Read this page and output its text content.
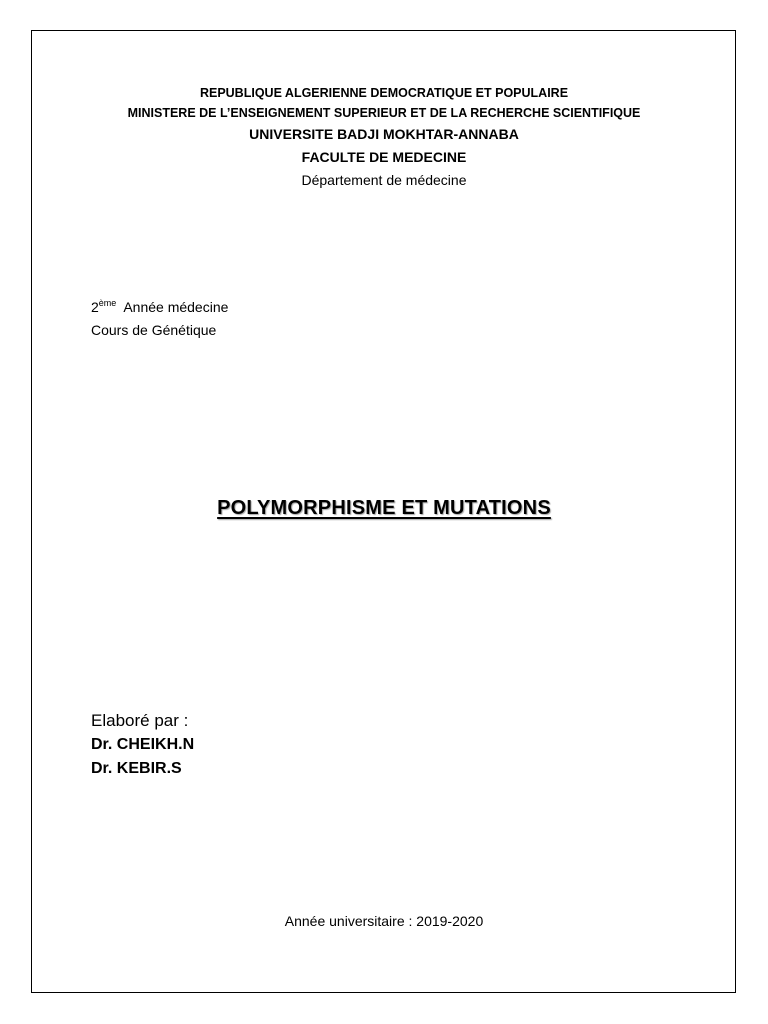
REPUBLIQUE ALGERIENNE DEMOCRATIQUE ET POPULAIRE
MINISTERE DE L’ENSEIGNEMENT SUPERIEUR ET DE LA RECHERCHE SCIENTIFIQUE
UNIVERSITE BADJI MOKHTAR-ANNABA
FACULTE DE MEDECINE
Département de médecine
2ème Année médecine
Cours de Génétique
POLYMORPHISME ET MUTATIONS
Elaboré par :
Dr. CHEIKH.N
Dr. KEBIR.S
Année universitaire : 2019-2020
